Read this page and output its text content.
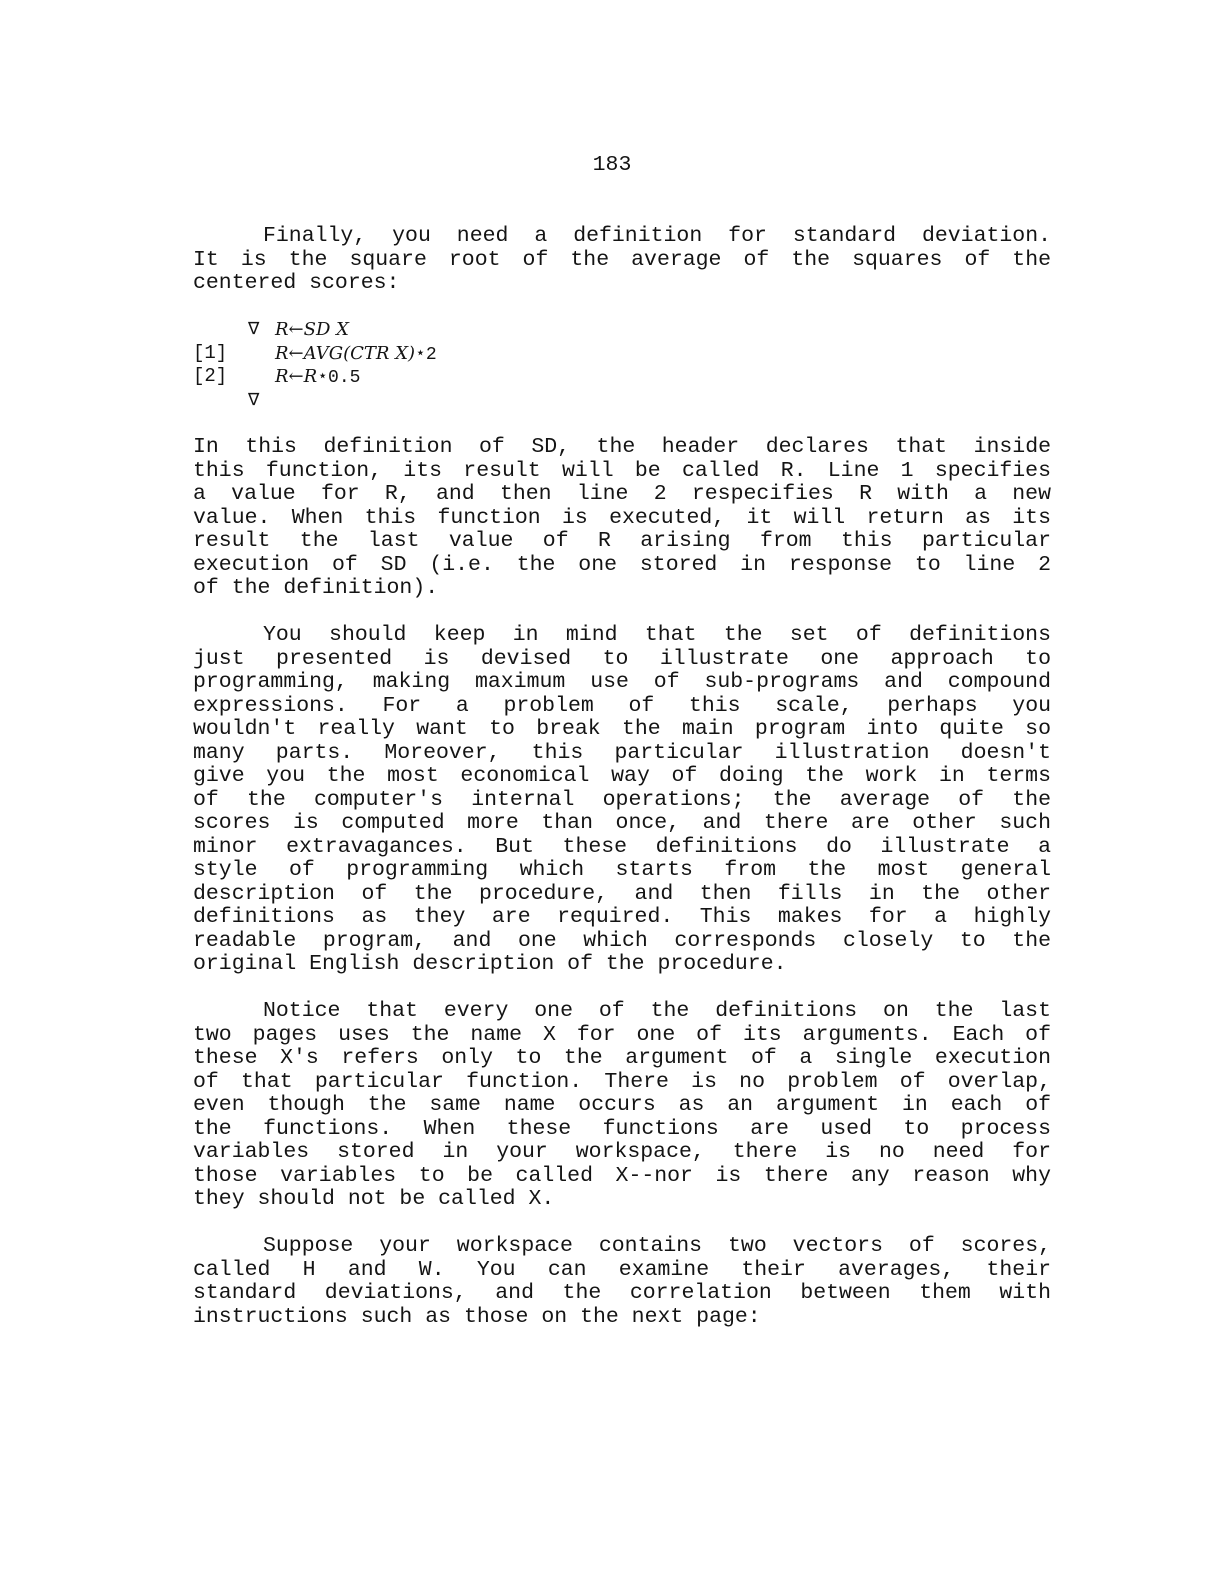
183

Finally, you need a definition for standard deviation.
It is the square root of the average of the squares of the
centered scores:

∇ R←SD X
[1]	R←AVG(CTR X)⋆2
[2]	R←R⋆0.5
∇

In this definition of SD, the header declares that inside
this function, its result will be called R. Line 1 specifies
a value for R, and then line 2 respecifies R with a new
value. When this function is executed, it will return as its
result the last value of R arising from this particular
execution of SD (i.e. the one stored in response to line 2
of the definition).

You should keep in mind that the set of definitions
just presented is devised to illustrate one approach to
programming, making maximum use of sub-programs and compound
expressions. For a problem of this scale, perhaps you
wouldn't really want to break the main program into quite so
many parts. Moreover, this particular illustration doesn't
give you the most economical way of doing the work in terms
of the computer's internal operations; the average of the
scores is computed more than once, and there are other such
minor extravagances. But these definitions do illustrate a
style of programming which starts from the most general
description of the procedure, and then fills in the other
definitions as they are required. This makes for a highly
readable program, and one which corresponds closely to the
original English description of the procedure.

Notice that every one of the definitions on the last
two pages uses the name X for one of its arguments. Each of
these X's refers only to the argument of a single execution
of that particular function. There is no problem of overlap,
even though the same name occurs as an argument in each of
the functions. When these functions are used to process
variables stored in your workspace, there is no need for
those variables to be called X--nor is there any reason why
they should not be called X.

Suppose your workspace contains two vectors of scores,
called H and W. You can examine their averages, their
standard deviations, and the correlation between them with
instructions such as those on the next page:
